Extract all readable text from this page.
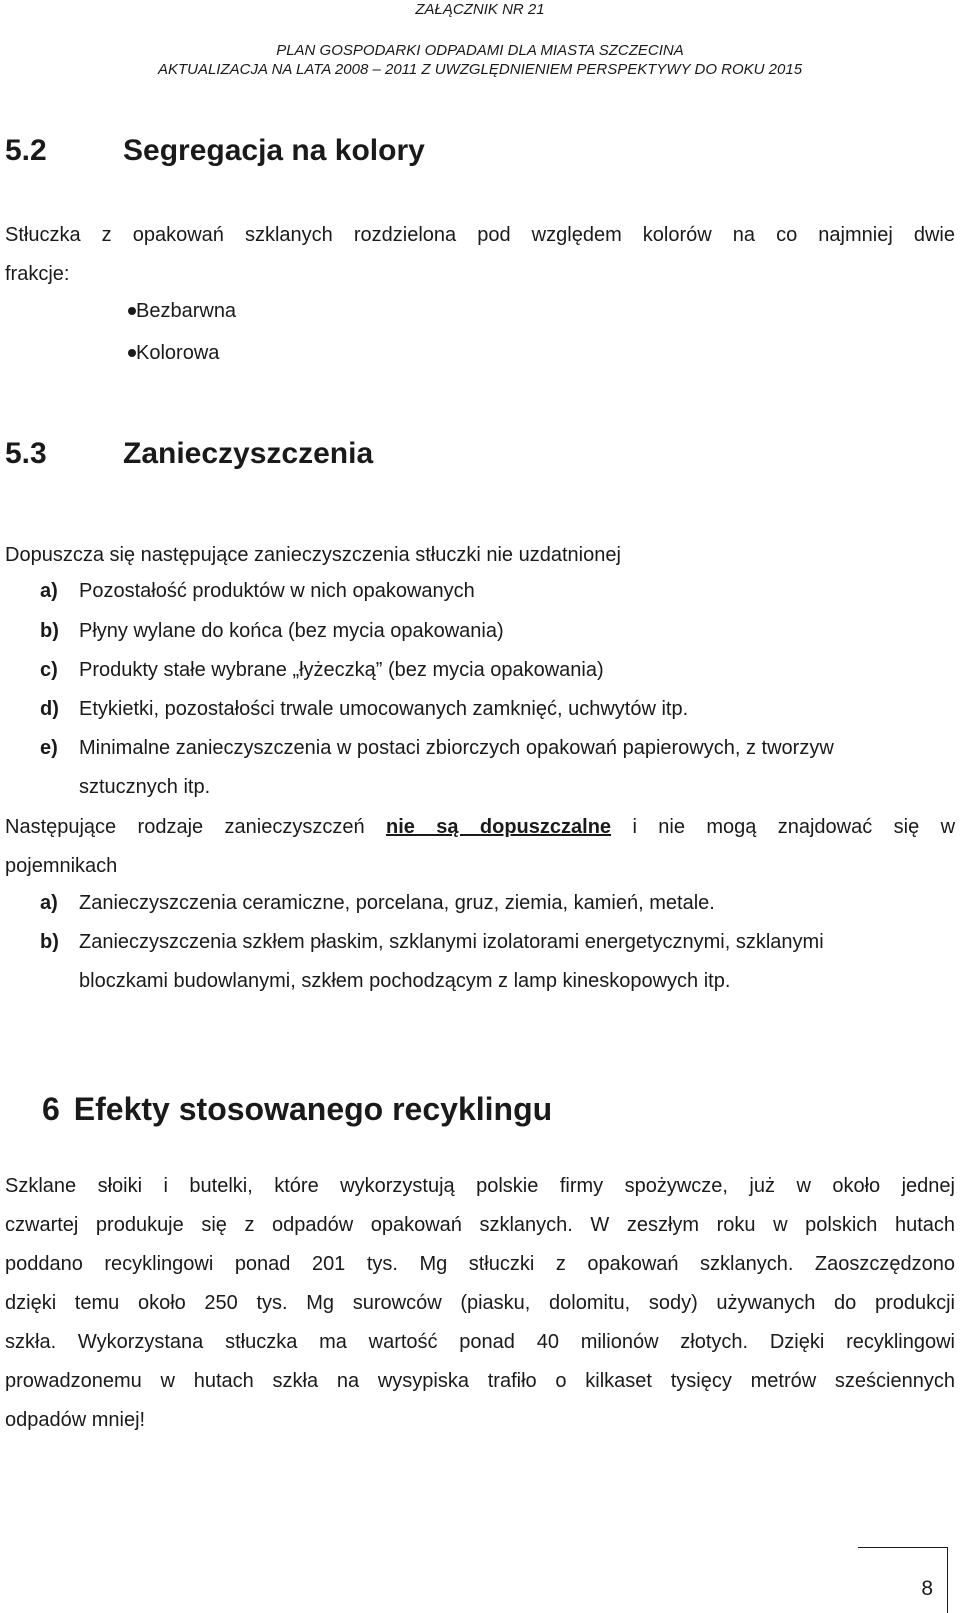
ZAŁĄCZNIK NR 21
PLAN GOSPODARKI ODPADAMI DLA MIASTA SZCZECINA
AKTUALIZACJA NA LATA 2008 – 2011 Z UWZGLĘDNIENIEM PERSPEKTYWY DO ROKU 2015
5.2	Segregacja na kolory

Stłuczka z opakowań szklanych rozdzielona pod względem kolorów na co najmniej dwie

frakcje:

Bezbarwna
Kolorowa
5.3	Zanieczyszczenia

Dopuszcza się następujące zanieczyszczenia stłuczki nie uzdatnionej

a) Pozostałość produktów w nich opakowanych
b) Płyny wylane do końca (bez mycia opakowania)
c) Produkty stałe wybrane „łyżeczką” (bez mycia opakowania)
d) Etykietki, pozostałości trwale umocowanych zamknięć, uchwytów itp.
e) Minimalne zanieczyszczenia w postaci zbiorczych opakowań papierowych, z tworzyw
sztucznych itp.

Następujące rodzaje zanieczyszczeń nie są dopuszczalne i nie mogą znajdować się w

pojemnikach

a) Zanieczyszczenia ceramiczne, porcelana, gruz, ziemia, kamień, metale.
b) Zanieczyszczenia szkłem płaskim, szklanymi izolatorami energetycznymi, szklanymi
bloczkami budowlanymi, szkłem pochodzącym z lamp kineskopowych itp.
6 Efekty stosowanego recyklingu

Szklane słoiki i butelki, które wykorzystują polskie firmy spożywcze, już w około jednej

czwartej produkuje się z odpadów opakowań szklanych. W zeszłym roku w polskich hutach

poddano recyklingowi ponad 201 tys. Mg stłuczki z opakowań szklanych. Zaoszczędzono

dzięki temu około 250 tys. Mg surowców (piasku, dolomitu, sody) używanych do produkcji

szkła. Wykorzystana stłuczka ma wartość ponad 40 milionów złotych. Dzięki recyklingowi

prowadzonemu w hutach szkła na wysypiska trafiło o kilkaset tysięcy metrów sześciennych

odpadów mniej!

8
